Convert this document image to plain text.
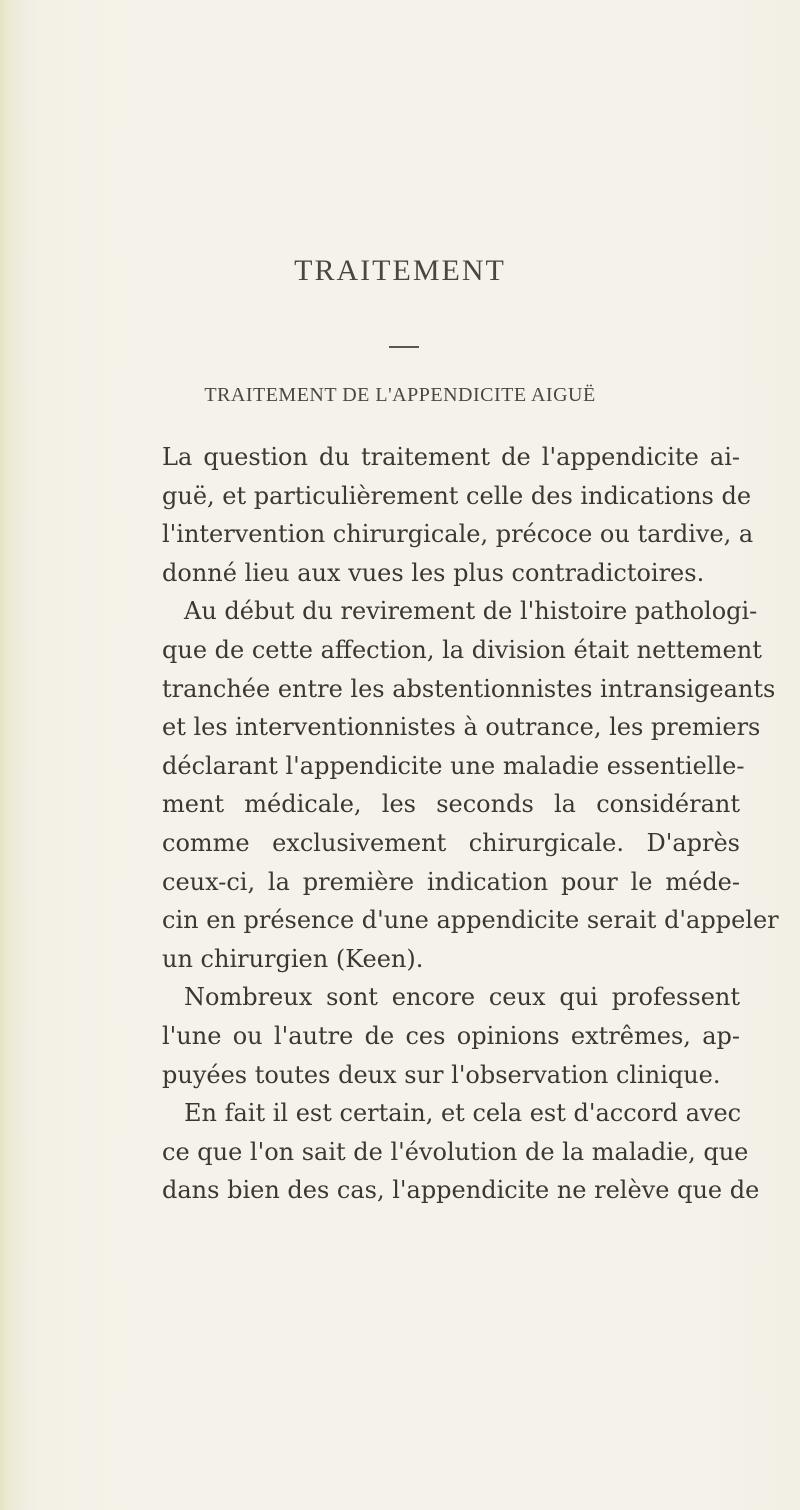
TRAITEMENT
TRAITEMENT DE L'APPENDICITE AIGUË
La question du traitement de l'appendicite ai-
guë, et particulièrement celle des indications de
l'intervention chirurgicale, précoce ou tardive, a
donné lieu aux vues les plus contradictoires.
Au début du revirement de l'histoire pathologi-
que de cette affection, la division était nettement
tranchée entre les abstentionnistes intransigeants
et les interventionnistes à outrance, les premiers
déclarant l'appendicite une maladie essentielle-
ment médicale, les seconds la considérant
comme exclusivement chirurgicale. D'après
ceux-ci, la première indication pour le méde-
cin en présence d'une appendicite serait d'appeler
un chirurgien (Keen).
Nombreux sont encore ceux qui professent
l'une ou l'autre de ces opinions extrêmes, ap-
puyées toutes deux sur l'observation clinique.
En fait il est certain, et cela est d'accord avec
ce que l'on sait de l'évolution de la maladie, que
dans bien des cas, l'appendicite ne relève que de
